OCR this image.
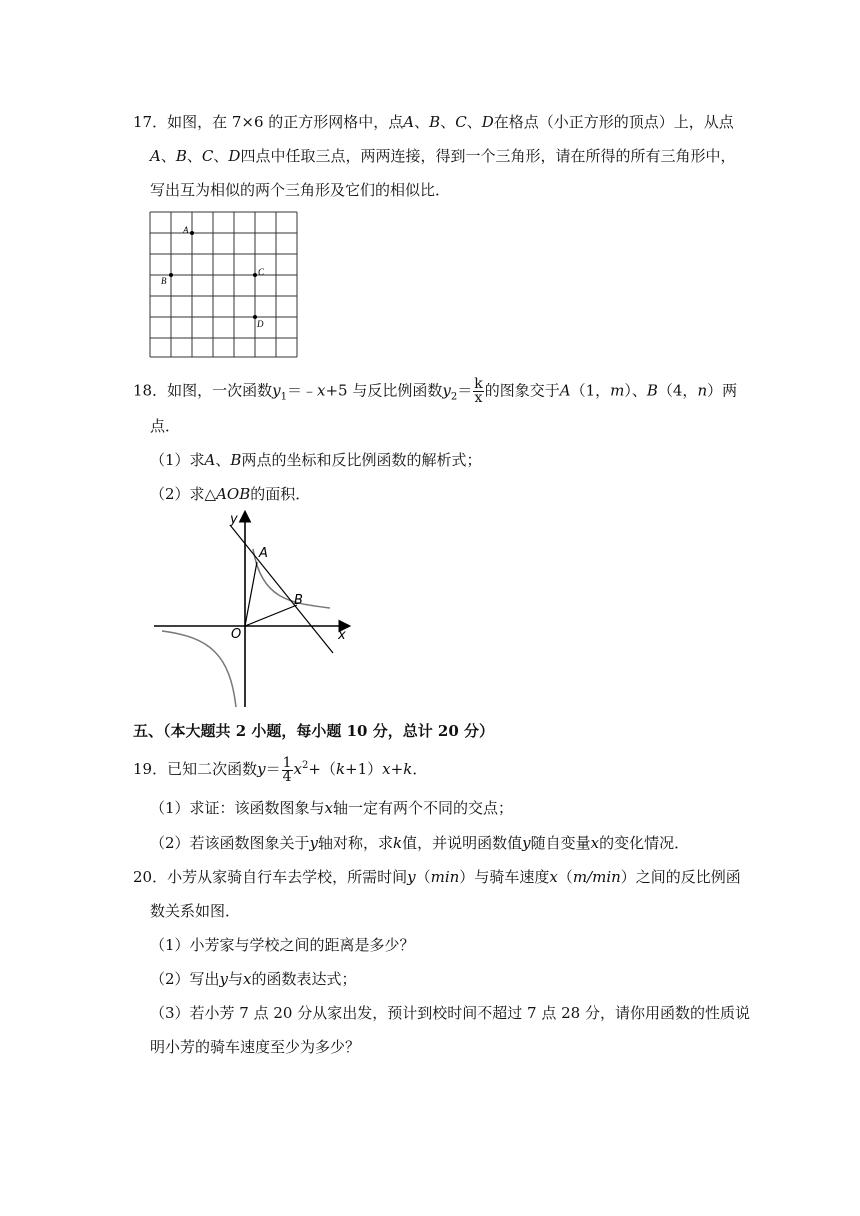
17．如图，在 7×6 的正方形网格中，点A、B、C、D在格点（小正方形的顶点）上，从点
A、B、C、D四点中任取三点，两两连接，得到一个三角形，请在所得的所有三角形中，
写出互为相似的两个三角形及它们的相似比．
A
B
C
D
18．如图，一次函数$y_1=﹣x+5$ 与反比例函数$y_2= \frac{k}{x}$ 的图象交于A（1，m）、B（4，n）两
点．
（1）求A、B两点的坐标和反比例函数的解析式；
（2）求△AOB的面积．
y
x
O
A
B
五、（本大题共 2 小题，每小题 10 分，总计 20 分）
19．已知二次函数$y= \frac{1}{4} x^2+(k+1)x+k$．
（1）求证：该函数图象与x轴一定有两个不同的交点；
（2）若该函数图象关于y轴对称，求k值，并说明函数值y随自变量x的变化情况．
20．小芳从家骑自行车去学校，所需时间y（min）与骑车速度x（m/min）之间的反比例函
数关系如图．
（1）小芳家与学校之间的距离是多少？
（2）写出y与x的函数表达式；
（3）若小芳 7 点 20 分从家出发，预计到校时间不超过 7 点 28 分，请你用函数的性质说
明小芳的骑车速度至少为多少？
